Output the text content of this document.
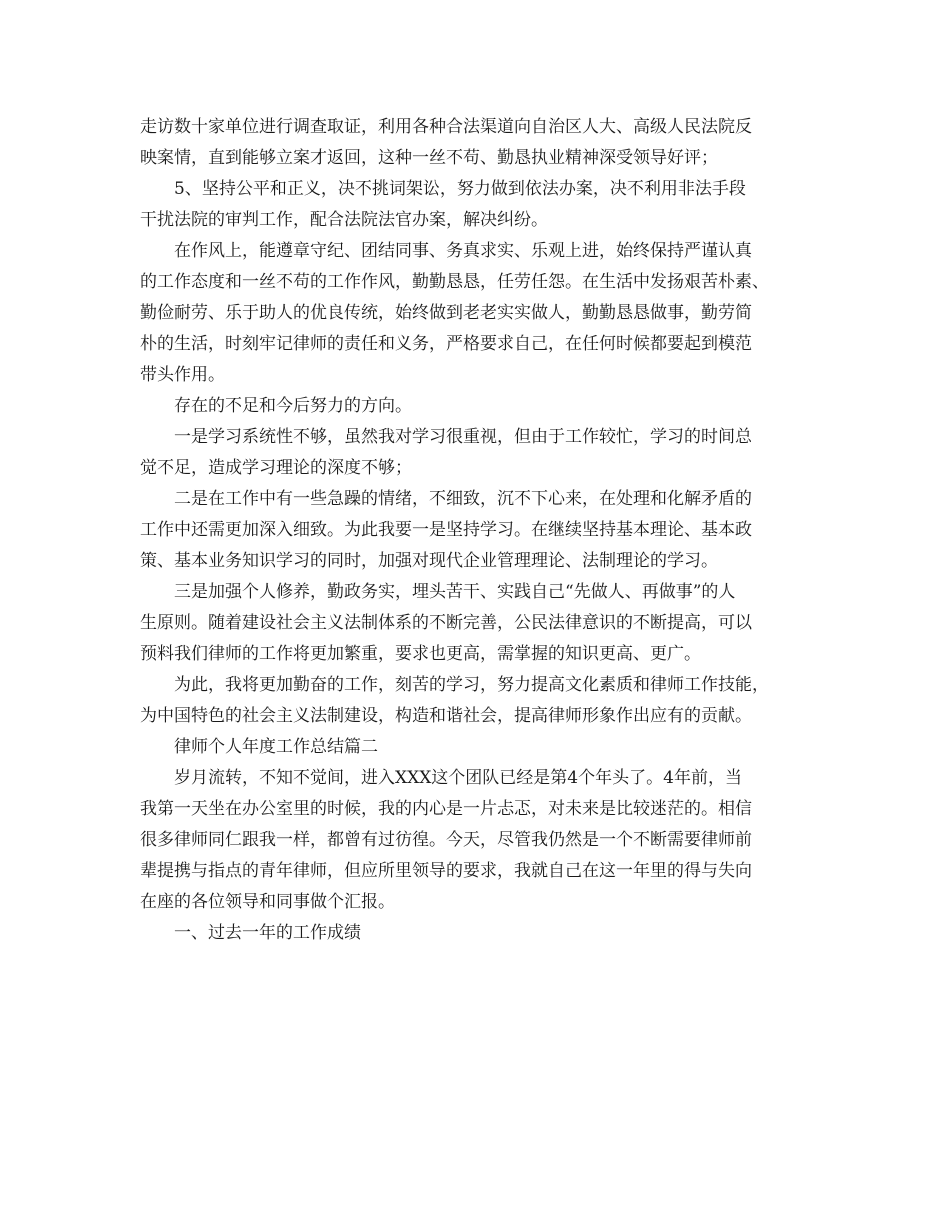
走访数十家单位进行调查取证，利用各种合法渠道向自治区人大、高级人民法院反

映案情，直到能够立案才返回，这种一丝不苟、勤恳执业精神深受领导好评；

5、坚持公平和正义，决不挑词架讼，努力做到依法办案，决不利用非法手段

干扰法院的审判工作，配合法院法官办案，解决纠纷。

在作风上，能遵章守纪、团结同事、务真求实、乐观上进，始终保持严谨认真

的工作态度和一丝不苟的工作作风，勤勤恳恳，任劳任怨。在生活中发扬艰苦朴素、

勤俭耐劳、乐于助人的优良传统，始终做到老老实实做人，勤勤恳恳做事，勤劳简

朴的生活，时刻牢记律师的责任和义务，严格要求自己，在任何时候都要起到模范

带头作用。

存在的不足和今后努力的方向。

一是学习系统性不够，虽然我对学习很重视，但由于工作较忙，学习的时间总

觉不足，造成学习理论的深度不够；

二是在工作中有一些急躁的情绪，不细致，沉不下心来，在处理和化解矛盾的

工作中还需更加深入细致。为此我要一是坚持学习。在继续坚持基本理论、基本政

策、基本业务知识学习的同时，加强对现代企业管理理论、法制理论的学习。

三是加强个人修养，勤政务实，埋头苦干、实践自己“先做人、再做事”的人

生原则。随着建设社会主义法制体系的不断完善，公民法律意识的不断提高，可以

预料我们律师的工作将更加繁重，要求也更高，需掌握的知识更高、更广。

为此，我将更加勤奋的工作，刻苦的学习，努力提高文化素质和律师工作技能，

为中国特色的社会主义法制建设，构造和谐社会，提高律师形象作出应有的贡献。

律师个人年度工作总结篇二

岁月流转，不知不觉间，进入XXX这个团队已经是第4个年头了。4年前，当

我第一天坐在办公室里的时候，我的内心是一片忐忑，对未来是比较迷茫的。相信

很多律师同仁跟我一样，都曾有过彷徨。今天，尽管我仍然是一个不断需要律师前

辈提携与指点的青年律师，但应所里领导的要求，我就自己在这一年里的得与失向

在座的各位领导和同事做个汇报。

一、过去一年的工作成绩
